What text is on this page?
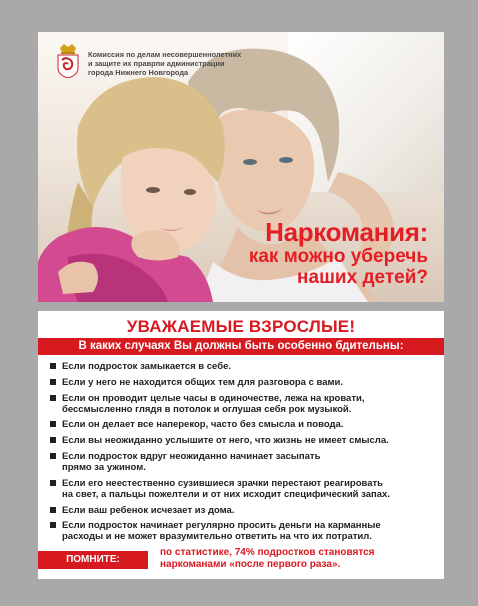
Комиссия по делам несовершеннолетних
и защите их праврпи администрации
города Нижнего Новгорода
Наркомания:
как можно уберечь
наших детей?
УВАЖАЕМЫЕ ВЗРОСЛЫЕ!
В каких случаях Вы должны быть особенно бдительны:
Если подросток замыкается в себе.
Если у него не находится общих тем для разговора с вами.
Если он проводит целые часы в одиночестве, лежа на кровати,
бессмысленно глядя в потолок и оглушая себя рок музыкой.
Если он делает все наперекор, часто без смысла и повода.
Если вы неожиданно услышите от него, что жизнь не имеет смысла.
Если подросток вдруг неожиданно начинает засыпать
прямо за ужином.
Если его неестественно сузившиеся зрачки перестают реагировать
на свет, а пальцы пожелтели и от них исходит специфический запах.
Если ваш ребенок исчезает из дома.
Если подросток начинает регулярно просить деньги на карманные
расходы и не может вразумительно ответить на что их потратил.
ПОМНИТЕ:
по статистике, 74% подростков становятся
наркоманами «после первого раза».
